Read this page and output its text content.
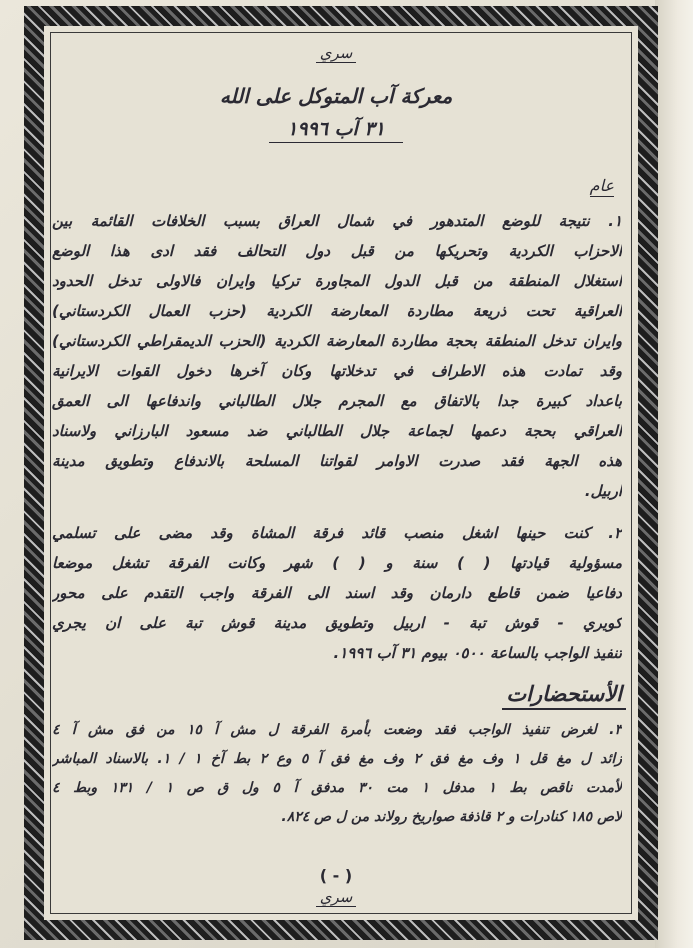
سري
معركة آب المتوكل على الله
٣١ آب ١٩٩٦
عام
١. نتيجة للوضع المتدهور في شمال العراق بسبب الخلافات القائمة بين
الاحزاب الكردية وتحريكها من قبل دول التحالف فقد ادى هذا الوضع
استغلال المنطقة من قبل الدول المجاورة تركيا وايران فالاولى تدخل الحدود
العراقية تحت ذريعة مطاردة المعارضة الكردية (حزب العمال الكردستاني)
وايران تدخل المنطقة بحجة مطاردة المعارضة الكردية (الحزب الديمقراطي الكردستاني)
وقد تمادت هذه الاطراف في تدخلاتها وكان آخرها دخول القوات الايرانية
باعداد كبيرة جدا بالاتفاق مع المجرم جلال الطالباني واندفاعها الى العمق
العراقي بحجة دعمها لجماعة جلال الطالباني ضد مسعود البارزاني ولاسناد
هذه الجهة فقد صدرت الاوامر لقواتنا المسلحة بالاندفاع وتطويق مدينة
اربيل.
٢. كنت حينها اشغل منصب قائد فرقة المشاة وقد مضى على تسلمي
مسؤولية قيادتها ( ) سنة و ( ) شهر وكانت الفرقة تشغل موضعا
دفاعيا ضمن قاطع دارمان وقد اسند الى الفرقة واجب التقدم على محور
كويري - قوش تبة - اربيل وتطويق مدينة قوش تبة على ان يجري
تنفيذ الواجب بالساعة ٠٥٠٠ بيوم ٣١ آب ١٩٩٦.
الأستحضارات
٣. لغرض تنفيذ الواجب فقد وضعت بأمرة الفرقة ل مش آ ١٥ من فق مش آ ٤
زائد ل مغ قل ١ وف مغ فق ٢ وف مغ فق آ ٥ وع ٢ بط آخ ١ / ١. بالاسناد المباشر
لأمدت ناقص بط ١ مدفل ١ مت ٣٠ مدفق آ ٥ ول ق ص ١ / ١٣١ وبط ٤
لاص ١٨٥ كنادرات و ٢ قاذفة صواريخ رولاند من ل ص ٨٢٤.
( - )
سري
